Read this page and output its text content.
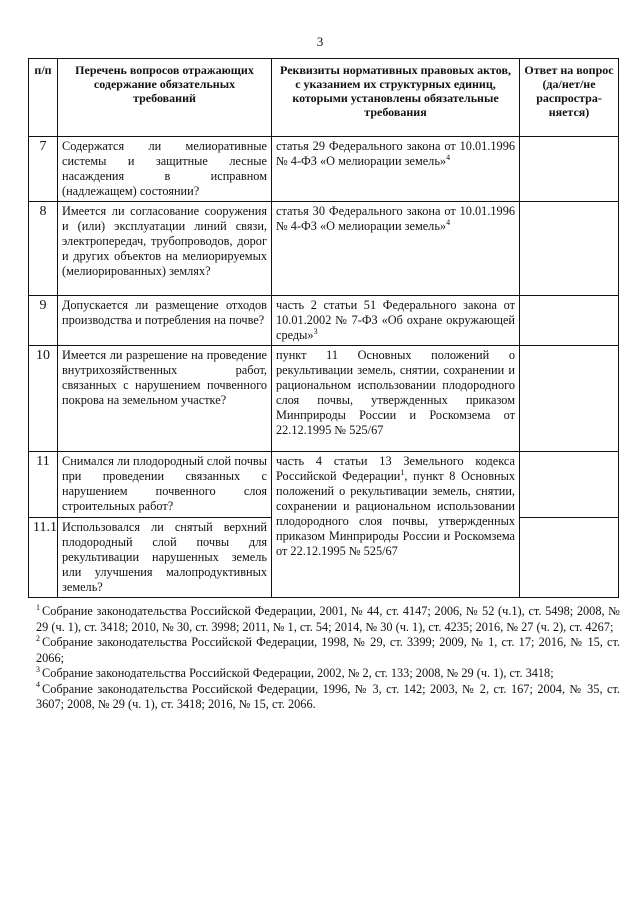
3
п/п	Перечень вопросов отражающих содержание обязательных требований	Реквизиты нормативных правовых актов, с указанием их структурных единиц, которыми установлены обязательные требования	Ответ на вопрос (да/нет/не распростра-няется)
7	Содержатся ли мелиоративные системы и защитные лесные насаждения в исправном (надлежащем) состоянии?	статья 29 Федерального закона от 10.01.1996 № 4-ФЗ «О мелиорации земель»$^4$	
8	Имеется ли согласование сооружения и (или) эксплуатации линий связи, электропередач, трубопроводов, дорог и других объектов на мелиорируемых (мелиорированных) землях?	статья 30 Федерального закона от 10.01.1996 № 4-ФЗ «О мелиорации земель»$^4$	
9	Допускается ли размещение отходов производства и потребления на почве?	часть 2 статьи 51 Федерального закона от 10.01.2002 № 7-ФЗ «Об охране окружающей среды»$^3$	
10	Имеется ли разрешение на проведение внутрихозяйственных работ, связанных с нарушением почвенного покрова на земельном участке?	пункт 11 Основных положений о рекультивации земель, снятии, сохранении и рациональном использовании плодородного слоя почвы, утвержденных приказом Минприроды России и Роскомзема от 22.12.1995 № 525/67	
11	Снимался ли плодородный слой почвы при проведении связанных с нарушением почвенного слоя строительных работ?	часть 4 статьи 13 Земельного кодекса Российской Федерации$^1$, пункт 8 Основных положений о рекультивации земель, снятии, сохранении и рациональном использовании плодородного слоя почвы, утвержденных приказом Минприроды России и Роскомзема от 22.12.1995 № 525/67	
11.1	Использовался ли снятый верхний плодородный слой почвы для рекультивации нарушенных земель или улучшения малопродуктивных земель?		

$^1$ Собрание законодательства Российской Федерации, 2001, № 44, ст. 4147; 2006, № 52 (ч.1), ст. 5498; 2008, № 29 (ч. 1), ст. 3418; 2010, № 30, ст. 3998; 2011, № 1, ст. 54; 2014, № 30 (ч. 1), ст. 4235; 2016, № 27 (ч. 2), ст. 4267;

$^2$ Собрание законодательства Российской Федерации, 1998, № 29, ст. 3399; 2009, № 1, ст. 17; 2016, № 15, ст. 2066;

$^3$ Собрание законодательства Российской Федерации, 2002, № 2, ст. 133; 2008, № 29 (ч. 1), ст. 3418;

$^4$ Собрание законодательства Российской Федерации, 1996, № 3, ст. 142; 2003, № 2, ст. 167; 2004, № 35, ст. 3607; 2008, № 29 (ч. 1), ст. 3418; 2016, № 15, ст. 2066.
